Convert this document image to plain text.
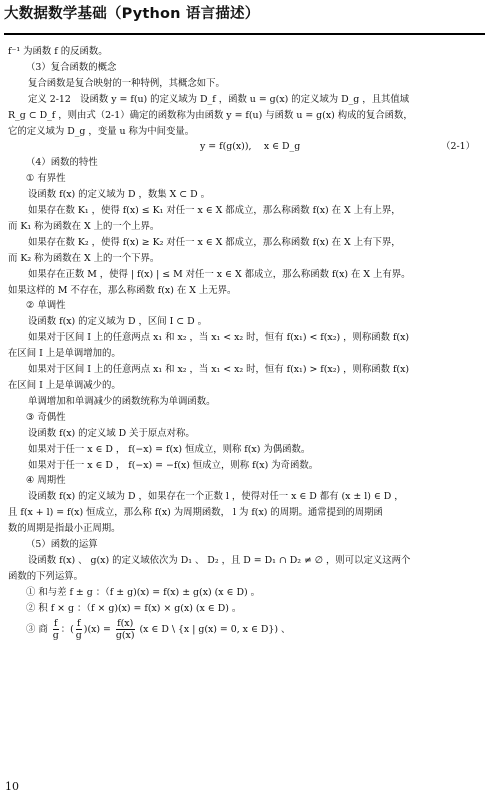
大数据数学基础（Python 语言描述）
f⁻¹ 为函数 f 的反函数。
（3）复合函数的概念
复合函数是复合映射的一种特例，其概念如下。
定义 2-12　设函数 y = f(u) 的定义域为 D_f ，函数 u = g(x) 的定义域为 D_g ，且其值域
R_g ⊂ D_f ，则由式（2-1）确定的函数称为由函数 y = f(u) 与函数 u = g(x) 构成的复合函数，
它的定义域为 D_g ，变量 u 称为中间变量。
y = f(g(x)),　 x ∈ D_g	（2-1）
（4）函数的特性
① 有界性
设函数 f(x) 的定义域为 D ，数集 X ⊂ D 。
如果存在数 K₁ ，使得 f(x) ≤ K₁ 对任一 x ∈ X 都成立，那么称函数 f(x) 在 X 上有上界，
而 K₁ 称为函数在 X 上的一个上界。
如果存在数 K₂ ，使得 f(x) ≥ K₂ 对任一 x ∈ X 都成立，那么称函数 f(x) 在 X 上有下界，
而 K₂ 称为函数在 X 上的一个下界。
如果存在正数 M ，使得 | f(x) | ≤ M 对任一 x ∈ X 都成立，那么称函数 f(x) 在 X 上有界。
如果这样的 M 不存在，那么称函数 f(x) 在 X 上无界。
② 单调性
设函数 f(x) 的定义域为 D ，区间 I ⊂ D 。
如果对于区间 I 上的任意两点 x₁ 和 x₂ ，当 x₁ < x₂ 时，恒有 f(x₁) < f(x₂) ，则称函数 f(x)
在区间 I 上是单调增加的。
如果对于区间 I 上的任意两点 x₁ 和 x₂ ，当 x₁ < x₂ 时，恒有 f(x₁) > f(x₂) ，则称函数 f(x)
在区间 I 上是单调减少的。
单调增加和单调减少的函数统称为单调函数。
③ 奇偶性
设函数 f(x) 的定义域 D 关于原点对称。
如果对于任一 x ∈ D ， f(−x) = f(x) 恒成立，则称 f(x) 为偶函数。
如果对于任一 x ∈ D ， f(−x) = −f(x) 恒成立，则称 f(x) 为奇函数。
④ 周期性
设函数 f(x) 的定义域为 D ，如果存在一个正数 l ，使得对任一 x ∈ D 都有 (x ± l) ∈ D ，
且 f(x + l) = f(x) 恒成立，那么称 f(x) 为周期函数， l 为 f(x) 的周期。通常提到的周期函
数的周期是指最小正周期。
（5）函数的运算
设函数 f(x) 、 g(x) 的定义域依次为 D₁ 、 D₂ ，且 D = D₁ ∩ D₂ ≠ ∅ ，则可以定义这两个
函数的下列运算。
① 和与差 f ± g ：（f ± g)(x) = f(x) ± g(x) (x ∈ D) 。
② 积 f × g ：（f × g)(x) = f(x) × g(x) (x ∈ D) 。
③ 商 $\frac{f}{g}$ ：( $\frac{f}{g} )(x) = \frac{f(x)}{g(x)} (x$ ∈ D \ {x | g(x) = 0, x ∈ D}) 、
10
